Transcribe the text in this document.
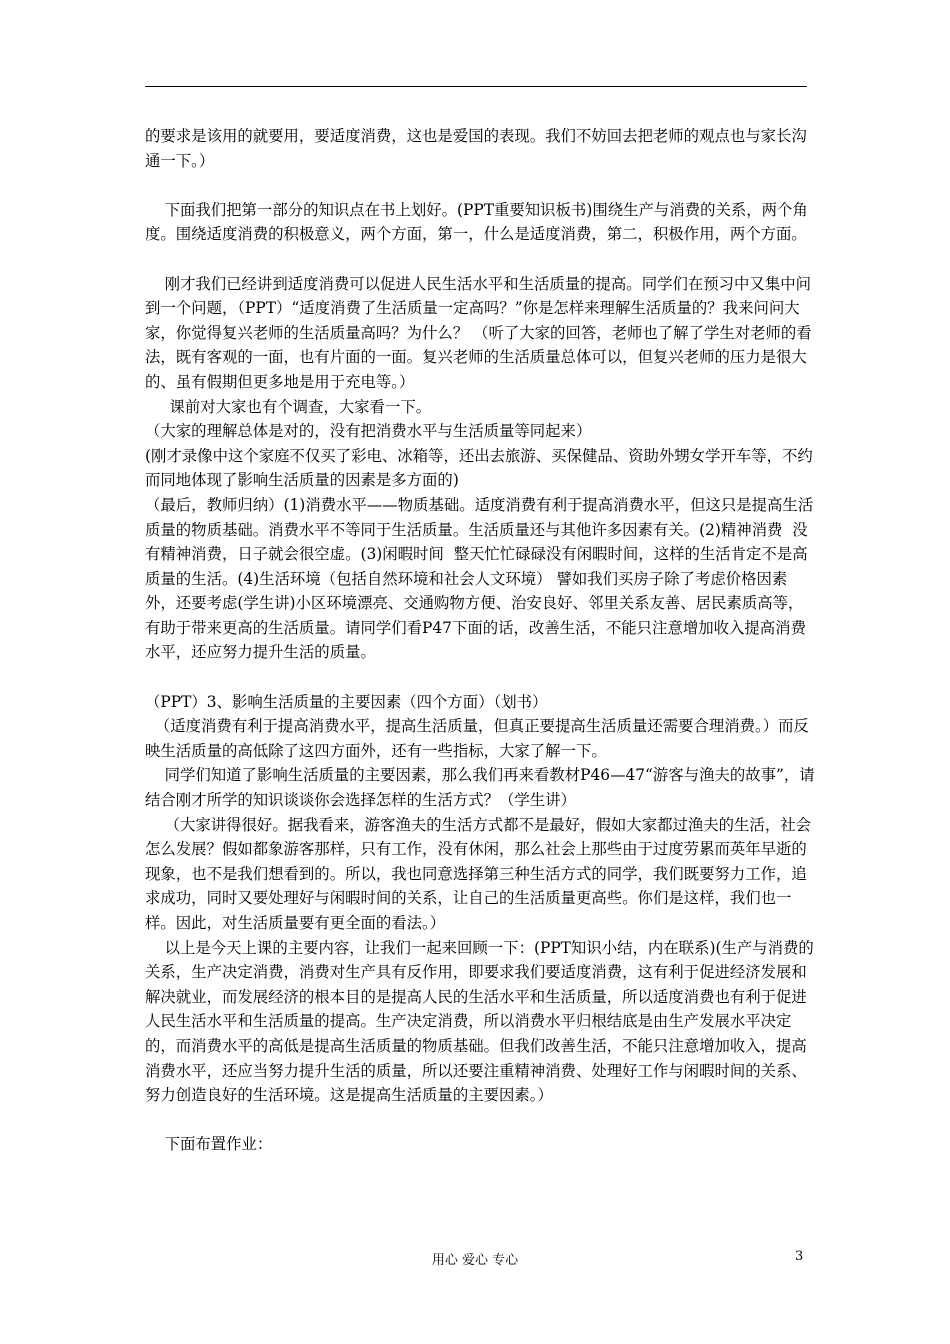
的要求是该用的就要用，要适度消费，这也是爱国的表现。我们不妨回去把老师的观点也与家长沟通一下。）

下面我们把第一部分的知识点在书上划好。(PPT重要知识板书)围绕生产与消费的关系，两个角度。围绕适度消费的积极意义，两个方面，第一，什么是适度消费，第二，积极作用，两个方面。

刚才我们已经讲到适度消费可以促进人民生活水平和生活质量的提高。同学们在预习中又集中问到一个问题，（PPT）“适度消费了生活质量一定高吗？”你是怎样来理解生活质量的？我来问问大家，你觉得复兴老师的生活质量高吗？为什么？ （听了大家的回答，老师也了解了学生对老师的看法，既有客观的一面，也有片面的一面。复兴老师的生活质量总体可以，但复兴老师的压力是很大的、虽有假期但更多地是用于充电等。）

课前对大家也有个调查，大家看一下。

（大家的理解总体是对的，没有把消费水平与生活质量等同起来）

(刚才录像中这个家庭不仅买了彩电、冰箱等，还出去旅游、买保健品、资助外甥女学开车等，不约而同地体现了影响生活质量的因素是多方面的)

（最后，教师归纳）(1)消费水平——物质基础。适度消费有利于提高消费水平，但这只是提高生活质量的物质基础。消费水平不等同于生活质量。生活质量还与其他许多因素有关。(2)精神消费  没有精神消费，日子就会很空虚。(3)闲暇时间  整天忙忙碌碌没有闲暇时间，这样的生活肯定不是高质量的生活。(4)生活环境（包括自然环境和社会人文环境） 譬如我们买房子除了考虑价格因素外，还要考虑(学生讲)小区环境漂亮、交通购物方便、治安良好、邻里关系友善、居民素质高等，有助于带来更高的生活质量。请同学们看P47下面的话，改善生活，不能只注意增加收入提高消费水平，还应努力提升生活的质量。

（PPT）3、影响生活质量的主要因素（四个方面）（划书）

（适度消费有利于提高消费水平，提高生活质量，但真正要提高生活质量还需要合理消费。）而反映生活质量的高低除了这四方面外，还有一些指标，大家了解一下。

同学们知道了影响生活质量的主要因素，那么我们再来看教材P46—47“游客与渔夫的故事”，请结合刚才所学的知识谈谈你会选择怎样的生活方式？（学生讲）

（大家讲得很好。据我看来，游客渔夫的生活方式都不是最好，假如大家都过渔夫的生活，社会怎么发展？假如都象游客那样，只有工作，没有休闲，那么社会上那些由于过度劳累而英年早逝的现象，也不是我们想看到的。所以，我也同意选择第三种生活方式的同学，我们既要努力工作，追求成功，同时又要处理好与闲暇时间的关系，让自己的生活质量更高些。你们是这样，我们也一样。因此，对生活质量要有更全面的看法。）

以上是今天上课的主要内容，让我们一起来回顾一下：(PPT知识小结，内在联系)(生产与消费的关系，生产决定消费，消费对生产具有反作用，即要求我们要适度消费，这有利于促进经济发展和解决就业，而发展经济的根本目的是提高人民的生活水平和生活质量，所以适度消费也有利于促进人民生活水平和生活质量的提高。生产决定消费，所以消费水平归根结底是由生产发展水平决定的，而消费水平的高低是提高生活质量的物质基础。但我们改善生活，不能只注意增加收入，提高消费水平，还应当努力提升生活的质量，所以还要注重精神消费、处理好工作与闲暇时间的关系、努力创造良好的生活环境。这是提高生活质量的主要因素。）

下面布置作业：

用心 爱心 专心	3
